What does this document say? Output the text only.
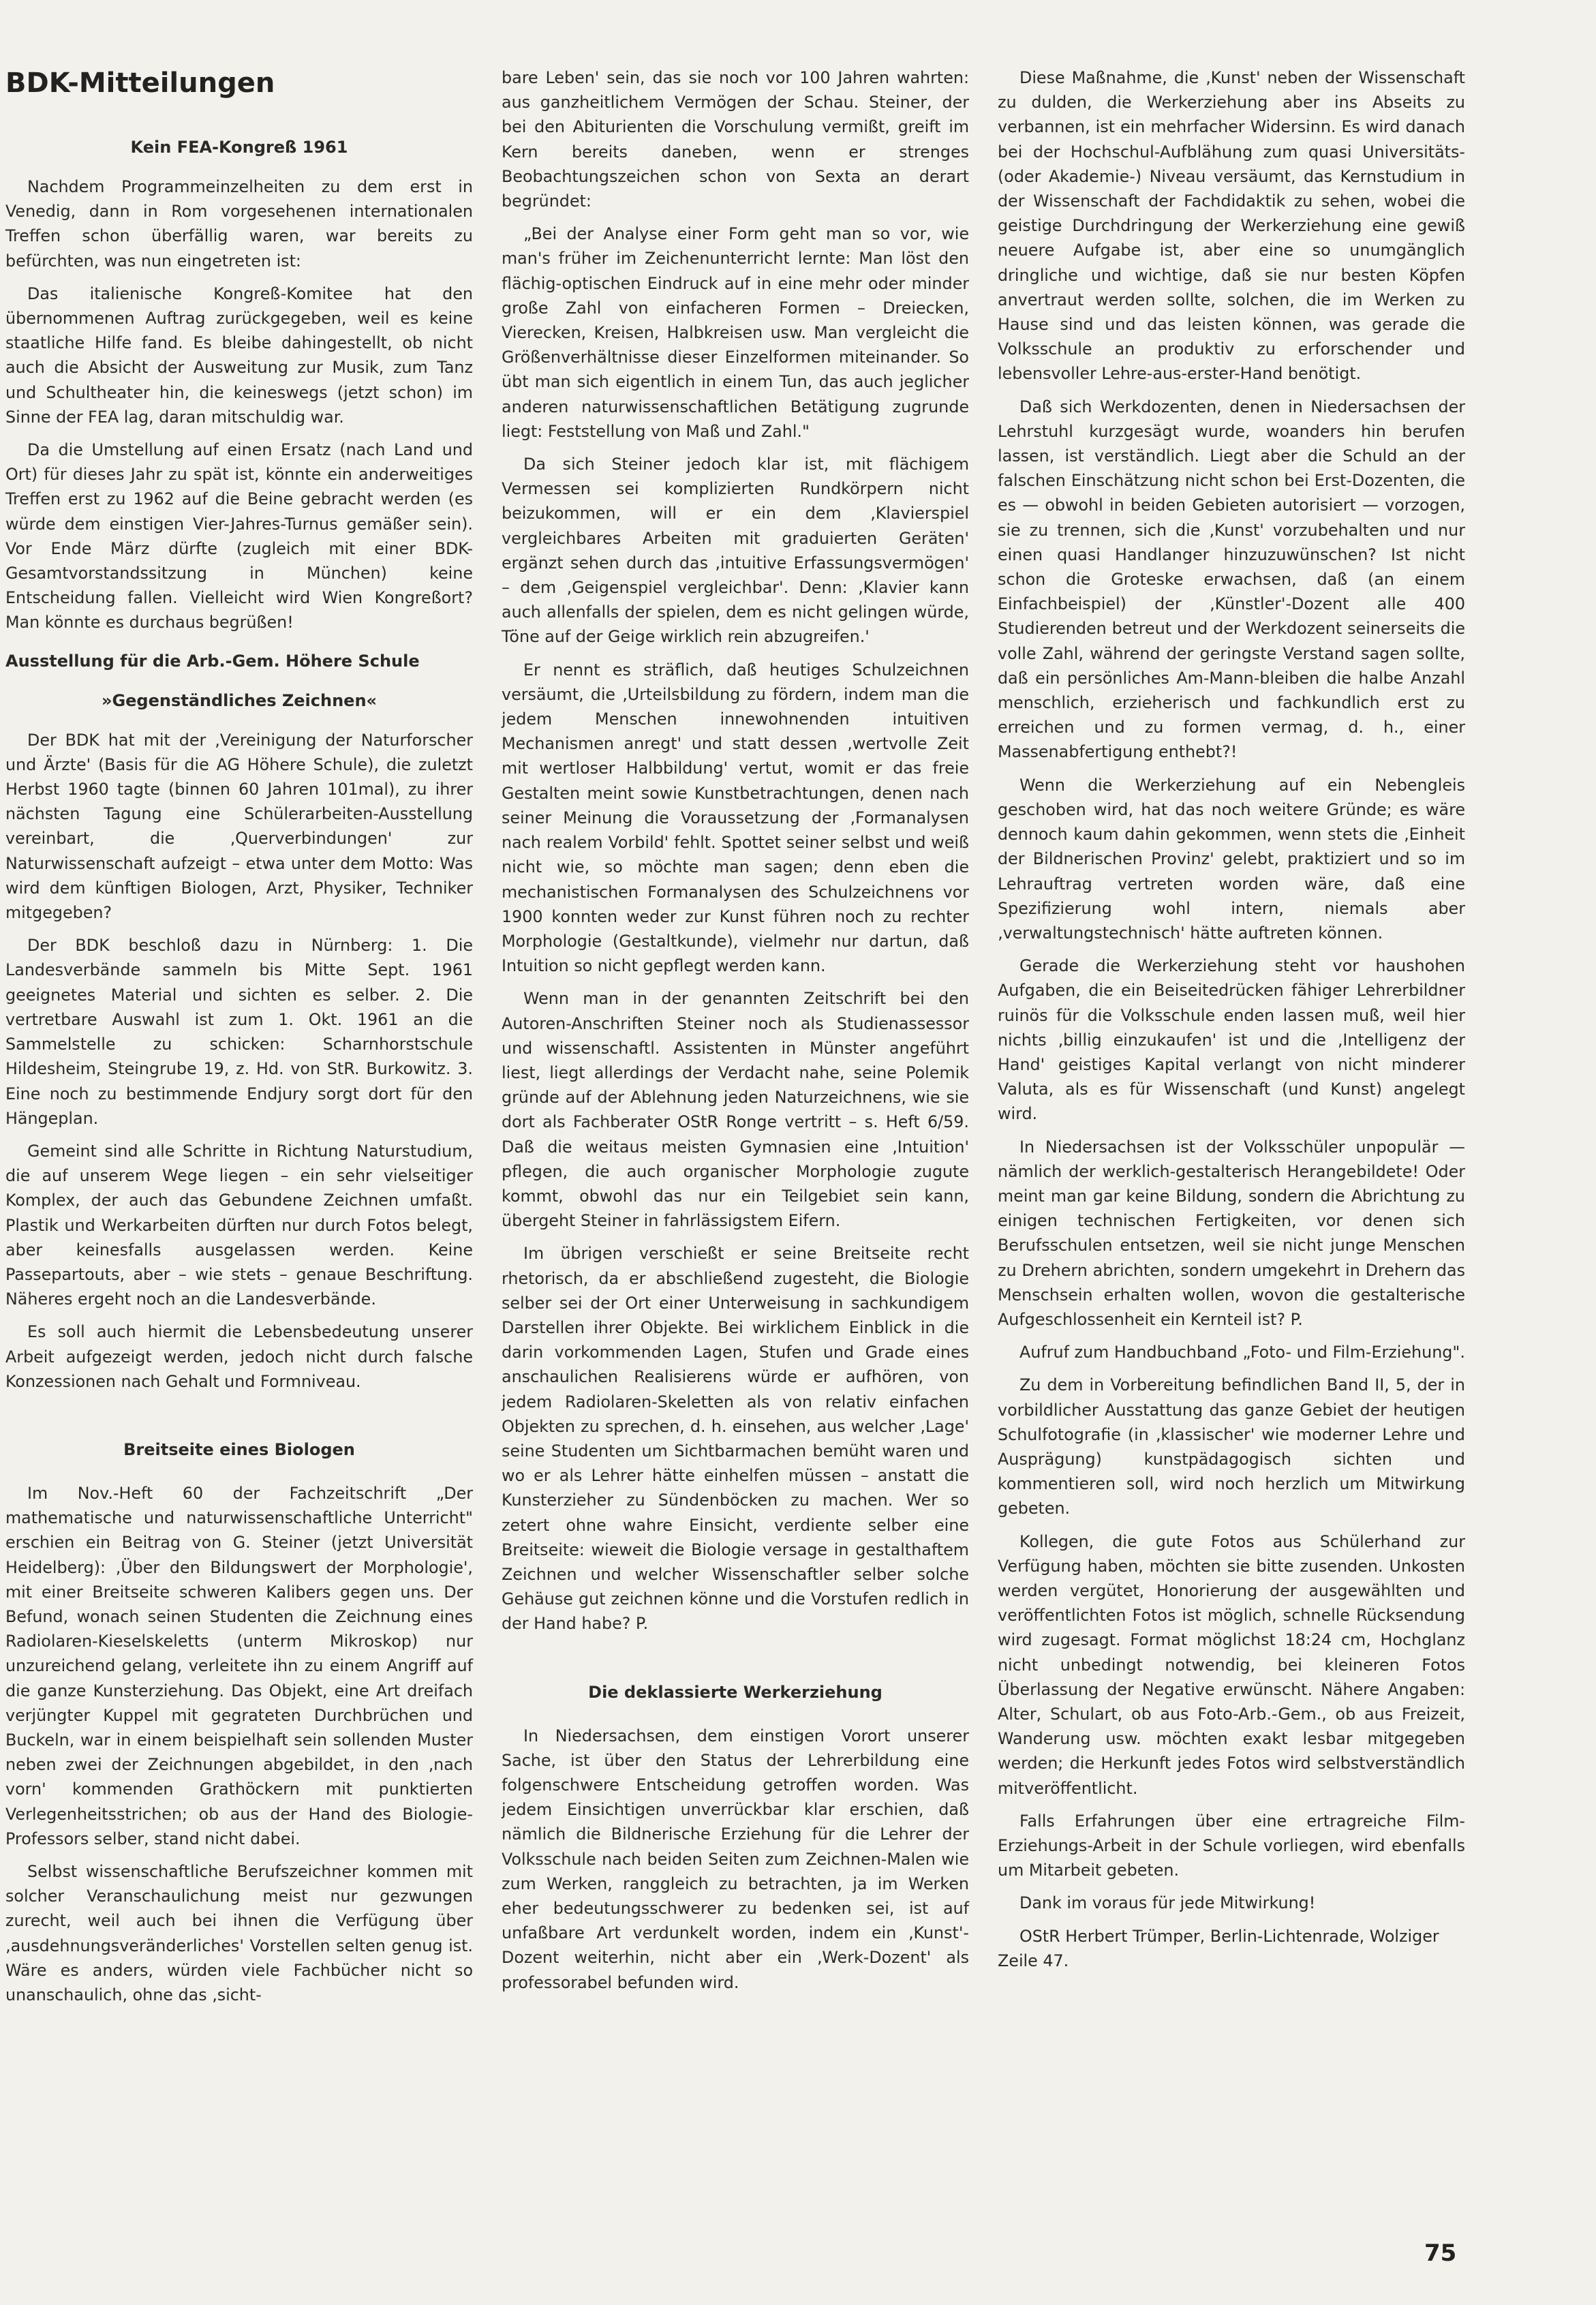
BDK-Mitteilungen
Kein FEA-Kongreß 1961
Nachdem Programmeinzelheiten zu dem erst in Venedig, dann in Rom vorgesehenen internationalen Treffen schon überfällig waren, war bereits zu befürchten, was nun eingetreten ist:
Das italienische Kongreß-Komitee hat den übernommenen Auftrag zurückgegeben, weil es keine staatliche Hilfe fand. Es bleibe dahingestellt, ob nicht auch die Absicht der Ausweitung zur Musik, zum Tanz und Schultheater hin, die keineswegs (jetzt schon) im Sinne der FEA lag, daran mitschuldig war.
Da die Umstellung auf einen Ersatz (nach Land und Ort) für dieses Jahr zu spät ist, könnte ein anderweitiges Treffen erst zu 1962 auf die Beine gebracht werden (es würde dem einstigen Vier-Jahres-Turnus gemäßer sein). Vor Ende März dürfte (zugleich mit einer BDK-Gesamtvorstandssitzung in München) keine Entscheidung fallen. Vielleicht wird Wien Kongreßort? Man könnte es durchaus begrüßen!
Ausstellung für die Arb.-Gem. Höhere Schule
»Gegenständliches Zeichnen«
Der BDK hat mit der ‚Vereinigung der Naturforscher und Ärzte' (Basis für die AG Höhere Schule), die zuletzt Herbst 1960 tagte (binnen 60 Jahren 101mal), zu ihrer nächsten Tagung eine Schülerarbeiten-Ausstellung vereinbart, die ‚Querverbindungen' zur Naturwissenschaft aufzeigt – etwa unter dem Motto: Was wird dem künftigen Biologen, Arzt, Physiker, Techniker mitgegeben?
Der BDK beschloß dazu in Nürnberg: 1. Die Landesverbände sammeln bis Mitte Sept. 1961 geeignetes Material und sichten es selber. 2. Die vertretbare Auswahl ist zum 1. Okt. 1961 an die Sammelstelle zu schicken: Scharnhorstschule Hildesheim, Steingrube 19, z. Hd. von StR. Burkowitz. 3. Eine noch zu bestimmende Endjury sorgt dort für den Hängeplan.
Gemeint sind alle Schritte in Richtung Naturstudium, die auf unserem Wege liegen – ein sehr vielseitiger Komplex, der auch das Gebundene Zeichnen umfaßt. Plastik und Werkarbeiten dürften nur durch Fotos belegt, aber keinesfalls ausgelassen werden. Keine Passepartouts, aber – wie stets – genaue Beschriftung. Näheres ergeht noch an die Landesverbände.
Es soll auch hiermit die Lebensbedeutung unserer Arbeit aufgezeigt werden, jedoch nicht durch falsche Konzessionen nach Gehalt und Formniveau.
Breitseite eines Biologen
Im Nov.-Heft 60 der Fachzeitschrift „Der mathematische und naturwissenschaftliche Unterricht" erschien ein Beitrag von G. Steiner (jetzt Universität Heidelberg): ‚Über den Bildungswert der Morphologie', mit einer Breitseite schweren Kalibers gegen uns. Der Befund, wonach seinen Studenten die Zeichnung eines Radiolaren-Kieselskeletts (unterm Mikroskop) nur unzureichend gelang, verleitete ihn zu einem Angriff auf die ganze Kunsterziehung. Das Objekt, eine Art dreifach verjüngter Kuppel mit gegrateten Durchbrüchen und Buckeln, war in einem beispielhaft sein sollenden Muster neben zwei der Zeichnungen abgebildet, in den ‚nach vorn' kommenden Grathöckern mit punktierten Verlegenheitsstrichen; ob aus der Hand des Biologie-Professors selber, stand nicht dabei.
Selbst wissenschaftliche Berufszeichner kommen mit solcher Veranschaulichung meist nur gezwungen zurecht, weil auch bei ihnen die Verfügung über ‚ausdehnungsveränderliches' Vorstellen selten genug ist. Wäre es anders, würden viele Fachbücher nicht so unanschaulich, ohne das ‚sicht-
bare Leben' sein, das sie noch vor 100 Jahren wahrten: aus ganzheitlichem Vermögen der Schau. Steiner, der bei den Abiturienten die Vorschulung vermißt, greift im Kern bereits daneben, wenn er strenges Beobachtungszeichen schon von Sexta an derart begründet:
„Bei der Analyse einer Form geht man so vor, wie man's früher im Zeichenunterricht lernte: Man löst den flächig-optischen Eindruck auf in eine mehr oder minder große Zahl von einfacheren Formen – Dreiecken, Vierecken, Kreisen, Halbkreisen usw. Man vergleicht die Größenverhältnisse dieser Einzelformen miteinander. So übt man sich eigentlich in einem Tun, das auch jeglicher anderen naturwissenschaftlichen Betätigung zugrunde liegt: Feststellung von Maß und Zahl."
Da sich Steiner jedoch klar ist, mit flächigem Vermessen sei komplizierten Rundkörpern nicht beizukommen, will er ein dem ‚Klavierspiel vergleichbares Arbeiten mit graduierten Geräten' ergänzt sehen durch das ‚intuitive Erfassungsvermögen' – dem ‚Geigenspiel vergleichbar'. Denn: ‚Klavier kann auch allenfalls der spielen, dem es nicht gelingen würde, Töne auf der Geige wirklich rein abzugreifen.'
Er nennt es sträflich, daß heutiges Schulzeichnen versäumt, die ‚Urteilsbildung zu fördern, indem man die jedem Menschen innewohnenden intuitiven Mechanismen anregt' und statt dessen ‚wertvolle Zeit mit wertloser Halbbildung' vertut, womit er das freie Gestalten meint sowie Kunstbetrachtungen, denen nach seiner Meinung die Voraussetzung der ‚Formanalysen nach realem Vorbild' fehlt. Spottet seiner selbst und weiß nicht wie, so möchte man sagen; denn eben die mechanistischen Formanalysen des Schulzeichnens vor 1900 konnten weder zur Kunst führen noch zu rechter Morphologie (Gestaltkunde), vielmehr nur dartun, daß Intuition so nicht gepflegt werden kann.
Wenn man in der genannten Zeitschrift bei den Autoren-Anschriften Steiner noch als Studienassessor und wissenschaftl. Assistenten in Münster angeführt liest, liegt allerdings der Verdacht nahe, seine Polemik gründe auf der Ablehnung jeden Naturzeichnens, wie sie dort als Fachberater OStR Ronge vertritt – s. Heft 6/59. Daß die weitaus meisten Gymnasien eine ‚Intuition' pflegen, die auch organischer Morphologie zugute kommt, obwohl das nur ein Teilgebiet sein kann, übergeht Steiner in fahrlässigstem Eifern.
Im übrigen verschießt er seine Breitseite recht rhetorisch, da er abschließend zugesteht, die Biologie selber sei der Ort einer Unterweisung in sachkundigem Darstellen ihrer Objekte. Bei wirklichem Einblick in die darin vorkommenden Lagen, Stufen und Grade eines anschaulichen Realisierens würde er aufhören, von jedem Radiolaren-Skeletten als von relativ einfachen Objekten zu sprechen, d. h. einsehen, aus welcher ‚Lage' seine Studenten um Sichtbarmachen bemüht waren und wo er als Lehrer hätte einhelfen müssen – anstatt die Kunsterzieher zu Sündenböcken zu machen. Wer so zetert ohne wahre Einsicht, verdiente selber eine Breitseite: wieweit die Biologie versage in gestalthaftem Zeichnen und welcher Wissenschaftler selber solche Gehäuse gut zeichnen könne und die Vorstufen redlich in der Hand habe? P.
Die deklassierte Werkerziehung
In Niedersachsen, dem einstigen Vorort unserer Sache, ist über den Status der Lehrerbildung eine folgenschwere Entscheidung getroffen worden. Was jedem Einsichtigen unverrückbar klar erschien, daß nämlich die Bildnerische Erziehung für die Lehrer der Volksschule nach beiden Seiten zum Zeichnen-Malen wie zum Werken, ranggleich zu betrachten, ja im Werken eher bedeutungsschwerer zu bedenken sei, ist auf unfaßbare Art verdunkelt worden, indem ein ‚Kunst'-Dozent weiterhin, nicht aber ein ‚Werk-Dozent' als professorabel befunden wird.
Diese Maßnahme, die ‚Kunst' neben der Wissenschaft zu dulden, die Werkerziehung aber ins Abseits zu verbannen, ist ein mehrfacher Widersinn. Es wird danach bei der Hochschul-Aufblähung zum quasi Universitäts- (oder Akademie-) Niveau versäumt, das Kernstudium in der Wissenschaft der Fachdidaktik zu sehen, wobei die geistige Durchdringung der Werkerziehung eine gewiß neuere Aufgabe ist, aber eine so unumgänglich dringliche und wichtige, daß sie nur besten Köpfen anvertraut werden sollte, solchen, die im Werken zu Hause sind und das leisten können, was gerade die Volksschule an produktiv zu erforschender und lebensvoller Lehre-aus-erster-Hand benötigt.
Daß sich Werkdozenten, denen in Niedersachsen der Lehrstuhl kurzgesägt wurde, woanders hin berufen lassen, ist verständlich. Liegt aber die Schuld an der falschen Einschätzung nicht schon bei Erst-Dozenten, die es — obwohl in beiden Gebieten autorisiert — vorzogen, sie zu trennen, sich die ‚Kunst' vorzubehalten und nur einen quasi Handlanger hinzuzuwünschen? Ist nicht schon die Groteske erwachsen, daß (an einem Einfachbeispiel) der ‚Künstler'-Dozent alle 400 Studierenden betreut und der Werkdozent seinerseits die volle Zahl, während der geringste Verstand sagen sollte, daß ein persönliches Am-Mann-bleiben die halbe Anzahl menschlich, erzieherisch und fachkundlich erst zu erreichen und zu formen vermag, d. h., einer Massenabfertigung enthebt?!
Wenn die Werkerziehung auf ein Nebengleis geschoben wird, hat das noch weitere Gründe; es wäre dennoch kaum dahin gekommen, wenn stets die ‚Einheit der Bildnerischen Provinz' gelebt, praktiziert und so im Lehrauftrag vertreten worden wäre, daß eine Spezifizierung wohl intern, niemals aber ‚verwaltungstechnisch' hätte auftreten können.
Gerade die Werkerziehung steht vor haushohen Aufgaben, die ein Beiseitedrücken fähiger Lehrerbildner ruinös für die Volksschule enden lassen muß, weil hier nichts ‚billig einzukaufen' ist und die ‚Intelligenz der Hand' geistiges Kapital verlangt von nicht minderer Valuta, als es für Wissenschaft (und Kunst) angelegt wird.
In Niedersachsen ist der Volksschüler unpopulär — nämlich der werklich-gestalterisch Herangebildete! Oder meint man gar keine Bildung, sondern die Abrichtung zu einigen technischen Fertigkeiten, vor denen sich Berufsschulen entsetzen, weil sie nicht junge Menschen zu Drehern abrichten, sondern umgekehrt in Drehern das Menschsein erhalten wollen, wovon die gestalterische Aufgeschlossenheit ein Kernteil ist? P.
Aufruf zum Handbuchband „Foto- und Film-Erziehung".
Zu dem in Vorbereitung befindlichen Band II, 5, der in vorbildlicher Ausstattung das ganze Gebiet der heutigen Schulfotografie (in ‚klassischer' wie moderner Lehre und Ausprägung) kunstpädagogisch sichten und kommentieren soll, wird noch herzlich um Mitwirkung gebeten.
Kollegen, die gute Fotos aus Schülerhand zur Verfügung haben, möchten sie bitte zusenden. Unkosten werden vergütet, Honorierung der ausgewählten und veröffentlichten Fotos ist möglich, schnelle Rücksendung wird zugesagt. Format möglichst 18:24 cm, Hochglanz nicht unbedingt notwendig, bei kleineren Fotos Überlassung der Negative erwünscht. Nähere Angaben: Alter, Schulart, ob aus Foto-Arb.-Gem., ob aus Freizeit, Wanderung usw. möchten exakt lesbar mitgegeben werden; die Herkunft jedes Fotos wird selbstverständlich mitveröffentlicht.
Falls Erfahrungen über eine ertragreiche Film-Erziehungs-Arbeit in der Schule vorliegen, wird ebenfalls um Mitarbeit gebeten.
Dank im voraus für jede Mitwirkung!
OStR Herbert Trümper, Berlin-Lichtenrade, Wolziger Zeile 47.
75
